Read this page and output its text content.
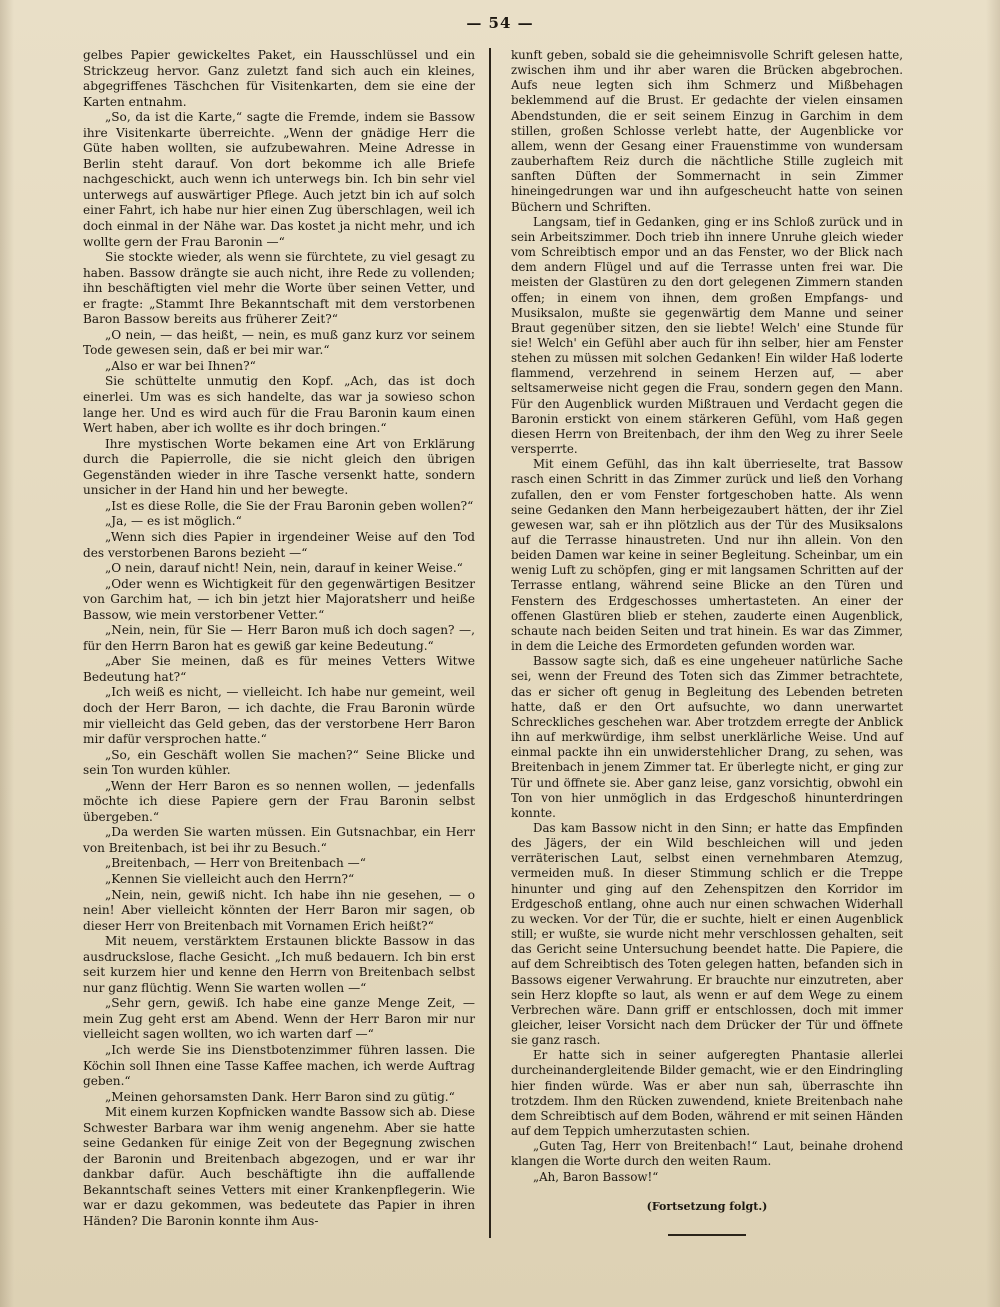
— 54 —

gelbes Papier gewickeltes Paket, ein Hausschlüssel und ein Strickzeug hervor. Ganz zuletzt fand sich auch ein kleines, abgegriffenes Täschchen für Visitenkarten, dem sie eine der Karten entnahm.

„So, da ist die Karte,“ sagte die Fremde, indem sie Bassow ihre Visitenkarte überreichte. „Wenn der gnädige Herr die Güte haben wollten, sie aufzubewahren. Meine Adresse in Berlin steht darauf. Von dort bekomme ich alle Briefe nachgeschickt, auch wenn ich unterwegs bin. Ich bin sehr viel unterwegs auf auswärtiger Pflege. Auch jetzt bin ich auf solch einer Fahrt, ich habe nur hier einen Zug überschlagen, weil ich doch einmal in der Nähe war. Das kostet ja nicht mehr, und ich wollte gern der Frau Baronin —“

Sie stockte wieder, als wenn sie fürchtete, zu viel gesagt zu haben. Bassow drängte sie auch nicht, ihre Rede zu vollenden; ihn beschäftigten viel mehr die Worte über seinen Vetter, und er fragte: „Stammt Ihre Bekanntschaft mit dem verstorbenen Baron Bassow bereits aus früherer Zeit?“

„O nein, — das heißt, — nein, es muß ganz kurz vor seinem Tode gewesen sein, daß er bei mir war.“

„Also er war bei Ihnen?“

Sie schüttelte unmutig den Kopf. „Ach, das ist doch einerlei. Um was es sich handelte, das war ja sowieso schon lange her. Und es wird auch für die Frau Baronin kaum einen Wert haben, aber ich wollte es ihr doch bringen.“

Ihre mystischen Worte bekamen eine Art von Erklärung durch die Papierrolle, die sie nicht gleich den übrigen Gegenständen wieder in ihre Tasche versenkt hatte, sondern unsicher in der Hand hin und her bewegte.

„Ist es diese Rolle, die Sie der Frau Baronin geben wollen?“

„Ja, — es ist möglich.“

„Wenn sich dies Papier in irgendeiner Weise auf den Tod des verstorbenen Barons bezieht —“

„O nein, darauf nicht! Nein, nein, darauf in keiner Weise.“

„Oder wenn es Wichtigkeit für den gegenwärtigen Besitzer von Garchim hat, — ich bin jetzt hier Majoratsherr und heiße Bassow, wie mein verstorbener Vetter.“

„Nein, nein, für Sie — Herr Baron muß ich doch sagen? —, für den Herrn Baron hat es gewiß gar keine Bedeutung.“

„Aber Sie meinen, daß es für meines Vetters Witwe Bedeutung hat?“

„Ich weiß es nicht, — vielleicht. Ich habe nur gemeint, weil doch der Herr Baron, — ich dachte, die Frau Baronin würde mir vielleicht das Geld geben, das der verstorbene Herr Baron mir dafür versprochen hatte.“

„So, ein Geschäft wollen Sie machen?“ Seine Blicke und sein Ton wurden kühler.

„Wenn der Herr Baron es so nennen wollen, — jedenfalls möchte ich diese Papiere gern der Frau Baronin selbst übergeben.“

„Da werden Sie warten müssen. Ein Gutsnachbar, ein Herr von Breitenbach, ist bei ihr zu Besuch.“

„Breitenbach, — Herr von Breitenbach —“

„Kennen Sie vielleicht auch den Herrn?“

„Nein, nein, gewiß nicht. Ich habe ihn nie gesehen, — o nein! Aber vielleicht könnten der Herr Baron mir sagen, ob dieser Herr von Breitenbach mit Vornamen Erich heißt?“

Mit neuem, verstärktem Erstaunen blickte Bassow in das ausdruckslose, flache Gesicht. „Ich muß bedauern. Ich bin erst seit kurzem hier und kenne den Herrn von Breitenbach selbst nur ganz flüchtig. Wenn Sie warten wollen —“

„Sehr gern, gewiß. Ich habe eine ganze Menge Zeit, — mein Zug geht erst am Abend. Wenn der Herr Baron mir nur vielleicht sagen wollten, wo ich warten darf —“

„Ich werde Sie ins Dienstbotenzimmer führen lassen. Die Köchin soll Ihnen eine Tasse Kaffee machen, ich werde Auftrag geben.“

„Meinen gehorsamsten Dank. Herr Baron sind zu gütig.“

Mit einem kurzen Kopfnicken wandte Bassow sich ab. Diese Schwester Barbara war ihm wenig angenehm. Aber sie hatte seine Gedanken für einige Zeit von der Begegnung zwischen der Baronin und Breitenbach abgezogen, und er war ihr dankbar dafür. Auch beschäftigte ihn die auffallende Bekanntschaft seines Vetters mit einer Krankenpflegerin. Wie war er dazu gekommen, was bedeutete das Papier in ihren Händen? Die Baronin konnte ihm Aus-

kunft geben, sobald sie die geheimnisvolle Schrift gelesen hatte, zwischen ihm und ihr aber waren die Brücken abgebrochen. Aufs neue legten sich ihm Schmerz und Mißbehagen beklemmend auf die Brust. Er gedachte der vielen einsamen Abendstunden, die er seit seinem Einzug in Garchim in dem stillen, großen Schlosse verlebt hatte, der Augenblicke vor allem, wenn der Gesang einer Frauenstimme von wundersam zauberhaftem Reiz durch die nächtliche Stille zugleich mit sanften Düften der Sommernacht in sein Zimmer hineingedrungen war und ihn aufgescheucht hatte von seinen Büchern und Schriften.

Langsam, tief in Gedanken, ging er ins Schloß zurück und in sein Arbeitszimmer. Doch trieb ihn innere Unruhe gleich wieder vom Schreibtisch empor und an das Fenster, wo der Blick nach dem andern Flügel und auf die Terrasse unten frei war. Die meisten der Glastüren zu den dort gelegenen Zimmern standen offen; in einem von ihnen, dem großen Empfangs- und Musiksalon, mußte sie gegenwärtig dem Manne und seiner Braut gegenüber sitzen, den sie liebte! Welch' eine Stunde für sie! Welch' ein Gefühl aber auch für ihn selber, hier am Fenster stehen zu müssen mit solchen Gedanken! Ein wilder Haß loderte flammend, verzehrend in seinem Herzen auf, — aber seltsamerweise nicht gegen die Frau, sondern gegen den Mann. Für den Augenblick wurden Mißtrauen und Verdacht gegen die Baronin erstickt von einem stärkeren Gefühl, vom Haß gegen diesen Herrn von Breitenbach, der ihm den Weg zu ihrer Seele versperrte.

Mit einem Gefühl, das ihn kalt überrieselte, trat Bassow rasch einen Schritt in das Zimmer zurück und ließ den Vorhang zufallen, den er vom Fenster fortgeschoben hatte. Als wenn seine Gedanken den Mann herbeigezaubert hätten, der ihr Ziel gewesen war, sah er ihn plötzlich aus der Tür des Musiksalons auf die Terrasse hinaustreten. Und nur ihn allein. Von den beiden Damen war keine in seiner Begleitung. Scheinbar, um ein wenig Luft zu schöpfen, ging er mit langsamen Schritten auf der Terrasse entlang, während seine Blicke an den Türen und Fenstern des Erdgeschosses umhertasteten. An einer der offenen Glastüren blieb er stehen, zauderte einen Augenblick, schaute nach beiden Seiten und trat hinein. Es war das Zimmer, in dem die Leiche des Ermordeten gefunden worden war.

Bassow sagte sich, daß es eine ungeheuer natürliche Sache sei, wenn der Freund des Toten sich das Zimmer betrachtete, das er sicher oft genug in Begleitung des Lebenden betreten hatte, daß er den Ort aufsuchte, wo dann unerwartet Schreckliches geschehen war. Aber trotzdem erregte der Anblick ihn auf merkwürdige, ihm selbst unerklärliche Weise. Und auf einmal packte ihn ein unwiderstehlicher Drang, zu sehen, was Breitenbach in jenem Zimmer tat. Er überlegte nicht, er ging zur Tür und öffnete sie. Aber ganz leise, ganz vorsichtig, obwohl ein Ton von hier unmöglich in das Erdgeschoß hinunterdringen konnte.

Das kam Bassow nicht in den Sinn; er hatte das Empfinden des Jägers, der ein Wild beschleichen will und jeden verräterischen Laut, selbst einen vernehmbaren Atemzug, vermeiden muß. In dieser Stimmung schlich er die Treppe hinunter und ging auf den Zehenspitzen den Korridor im Erdgeschoß entlang, ohne auch nur einen schwachen Widerhall zu wecken. Vor der Tür, die er suchte, hielt er einen Augenblick still; er wußte, sie wurde nicht mehr verschlossen gehalten, seit das Gericht seine Untersuchung beendet hatte. Die Papiere, die auf dem Schreibtisch des Toten gelegen hatten, befanden sich in Bassows eigener Verwahrung. Er brauchte nur einzutreten, aber sein Herz klopfte so laut, als wenn er auf dem Wege zu einem Verbrechen wäre. Dann griff er entschlossen, doch mit immer gleicher, leiser Vorsicht nach dem Drücker der Tür und öffnete sie ganz rasch.

Er hatte sich in seiner aufgeregten Phantasie allerlei durcheinandergleitende Bilder gemacht, wie er den Eindringling hier finden würde. Was er aber nun sah, überraschte ihn trotzdem. Ihm den Rücken zuwendend, kniete Breitenbach nahe dem Schreibtisch auf dem Boden, während er mit seinen Händen auf dem Teppich umherzutasten schien.

„Guten Tag, Herr von Breitenbach!“ Laut, beinahe drohend klangen die Worte durch den weiten Raum.

„Ah, Baron Bassow!“

(Fortsetzung folgt.)
